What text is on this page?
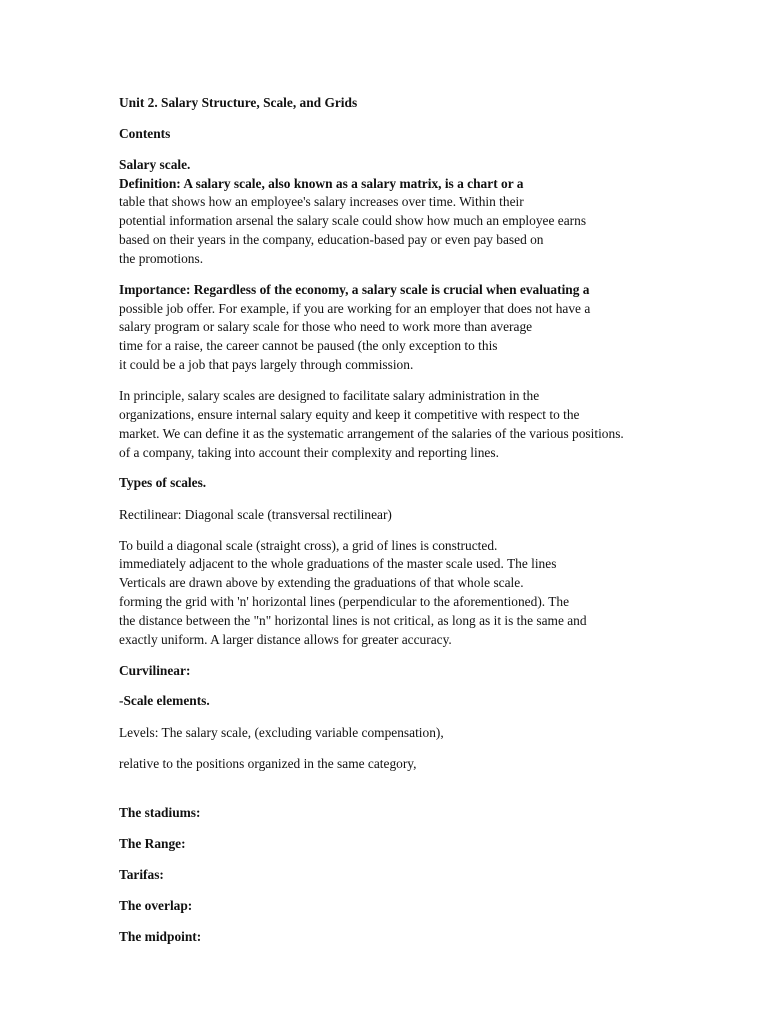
Unit 2. Salary Structure, Scale, and Grids
Contents
Salary scale.
Definition: A salary scale, also known as a salary matrix, is a chart or a
table that shows how an employee's salary increases over time. Within their
potential information arsenal the salary scale could show how much an employee earns
based on their years in the company, education-based pay or even pay based on
the promotions.
Importance: Regardless of the economy, a salary scale is crucial when evaluating a
possible job offer. For example, if you are working for an employer that does not have a
salary program or salary scale for those who need to work more than average
time for a raise, the career cannot be paused (the only exception to this
it could be a job that pays largely through commission.
In principle, salary scales are designed to facilitate salary administration in the
organizations, ensure internal salary equity and keep it competitive with respect to the
market. We can define it as the systematic arrangement of the salaries of the various positions.
of a company, taking into account their complexity and reporting lines.
Types of scales.
Rectilinear: Diagonal scale (transversal rectilinear)
To build a diagonal scale (straight cross), a grid of lines is constructed.
immediately adjacent to the whole graduations of the master scale used. The lines
Verticals are drawn above by extending the graduations of that whole scale.
forming the grid with 'n' horizontal lines (perpendicular to the aforementioned). The
the distance between the "n" horizontal lines is not critical, as long as it is the same and
exactly uniform. A larger distance allows for greater accuracy.
Curvilinear:
-Scale elements.
Levels: The salary scale, (excluding variable compensation),
relative to the positions organized in the same category,
The stadiums:
The Range:
Tarifas:
The overlap:
The midpoint:
